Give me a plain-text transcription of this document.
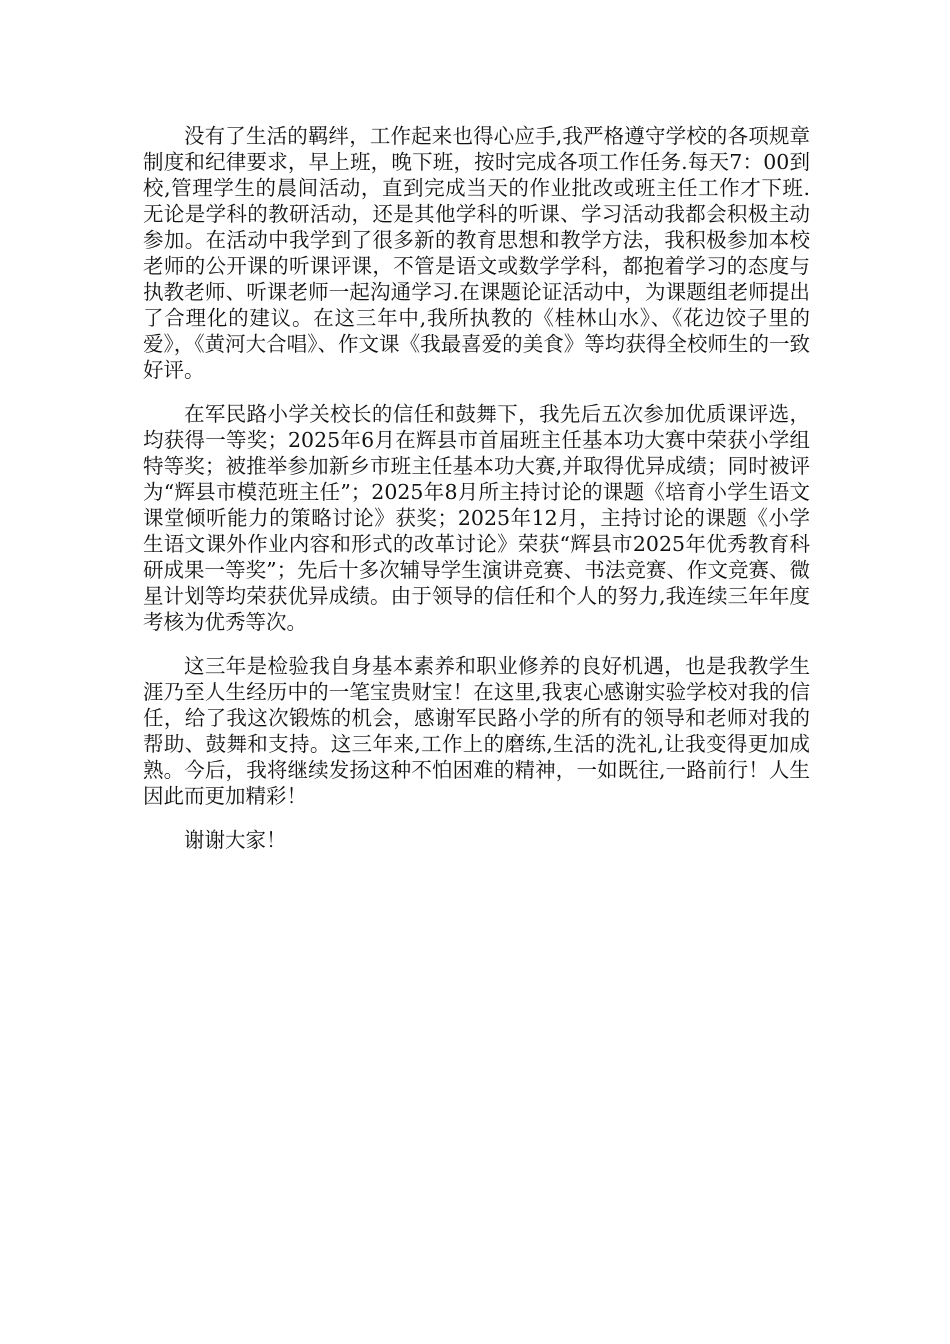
没有了生活的羁绊，工作起来也得心应手,我严格遵守学校的各项规章制度和纪律要求，早上班，晚下班，按时完成各项工作任务.每天7：00到校,管理学生的晨间活动，直到完成当天的作业批改或班主任工作才下班.无论是学科的教研活动，还是其他学科的听课、学习活动我都会积极主动参加。在活动中我学到了很多新的教育思想和教学方法，我积极参加本校老师的公开课的听课评课，不管是语文或数学学科，都抱着学习的态度与执教老师、听课老师一起沟通学习.在课题论证活动中，为课题组老师提出了合理化的建议。在这三年中,我所执教的《桂林山水》、《花边饺子里的爱》，《黄河大合唱》、作文课《我最喜爱的美食》等均获得全校师生的一致好评。

在军民路小学关校长的信任和鼓舞下，我先后五次参加优质课评选，均获得一等奖；2025年6月在辉县市首届班主任基本功大赛中荣获小学组特等奖；被推举参加新乡市班主任基本功大赛,并取得优异成绩；同时被评为“辉县市模范班主任”；2025年8月所主持讨论的课题《培育小学生语文课堂倾听能力的策略讨论》获奖；2025年12月，主持讨论的课题《小学生语文课外作业内容和形式的改革讨论》荣获“辉县市2025年优秀教育科研成果一等奖”；先后十多次辅导学生演讲竞赛、书法竞赛、作文竞赛、微星计划等均荣获优异成绩。由于领导的信任和个人的努力,我连续三年年度考核为优秀等次。

这三年是检验我自身基本素养和职业修养的良好机遇，也是我教学生涯乃至人生经历中的一笔宝贵财宝！在这里,我衷心感谢实验学校对我的信任，给了我这次锻炼的机会，感谢军民路小学的所有的领导和老师对我的帮助、鼓舞和支持。这三年来,工作上的磨练,生活的洗礼,让我变得更加成熟。今后，我将继续发扬这种不怕困难的精神，一如既往,一路前行！人生因此而更加精彩！

谢谢大家！
